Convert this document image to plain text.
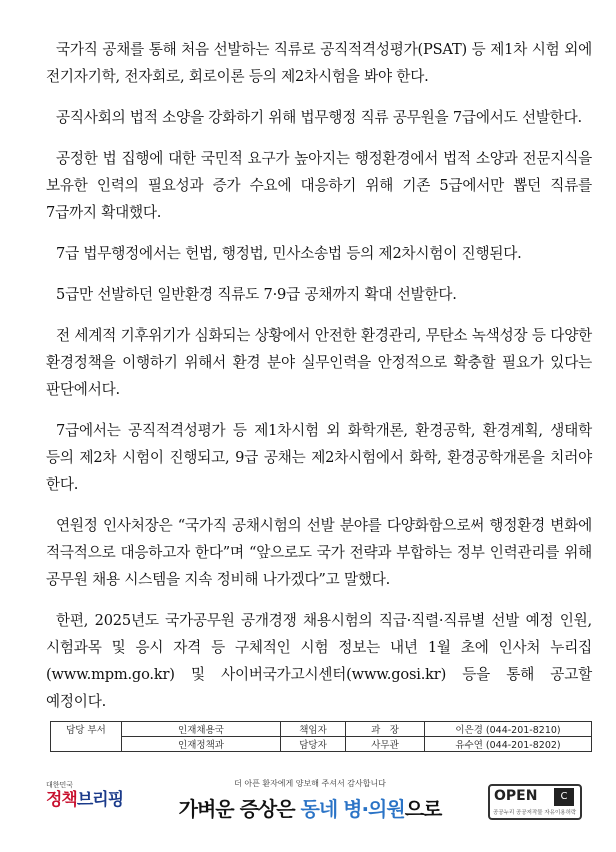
국가직 공채를 통해 처음 선발하는 직류로 공직적격성평가(PSAT) 등 제1차 시험 외에 전기자기학, 전자회로, 회로이론 등의 제2차시험을 봐야 한다.

공직사회의 법적 소양을 강화하기 위해 법무행정 직류 공무원을 7급에서도 선발한다.

공정한 법 집행에 대한 국민적 요구가 높아지는 행정환경에서 법적 소양과 전문지식을 보유한 인력의 필요성과 증가 수요에 대응하기 위해 기존 5급에서만 뽑던 직류를 7급까지 확대했다.

7급 법무행정에서는 헌법, 행정법, 민사소송법 등의 제2차시험이 진행된다.

5급만 선발하던 일반환경 직류도 7·9급 공채까지 확대 선발한다.

전 세계적 기후위기가 심화되는 상황에서 안전한 환경관리, 무탄소 녹색성장 등 다양한 환경정책을 이행하기 위해서 환경 분야 실무인력을 안정적으로 확충할 필요가 있다는 판단에서다.

7급에서는 공직적격성평가 등 제1차시험 외 화학개론, 환경공학, 환경계획, 생태학 등의 제2차 시험이 진행되고, 9급 공채는 제2차시험에서 화학, 환경공학개론을 치러야 한다.

연원정 인사처장은 “국가직 공채시험의 선발 분야를 다양화함으로써 행정환경 변화에 적극적으로 대응하고자 한다”며 “앞으로도 국가 전략과 부합하는 정부 인력관리를 위해 공무원 채용 시스템을 지속 정비해 나가겠다”고 말했다.

한편, 2025년도 국가공무원 공개경쟁 채용시험의 직급·직렬·직류별 선발 예정 인원, 시험과목 및 응시 자격 등 구체적인 시험 정보는 내년 1월 초에 인사처 누리집(www.mpm.go.kr) 및 사이버국가고시센터(www.gosi.kr) 등을 통해 공고할 예정이다.

담당 부서	인재채용국	책임자	과　장	이은경 (044-201-8210)
	인재정책과	담당자	사무관	유수연 (044-201-8202)
대한민국
정책브리핑
더 아픈 환자에게 양보해 주셔서 감사합니다
가벼운 증상은 동네 병·의원으로
OPEN	C
공공누리 공공저작물 자유이용허락
